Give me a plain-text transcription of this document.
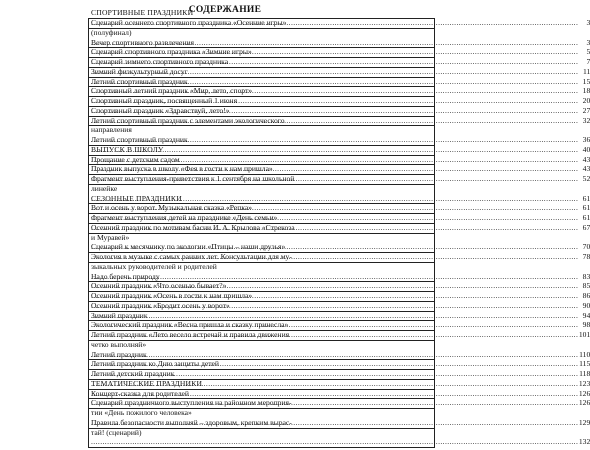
СОДЕРЖАНИЕ
СПОРТИВНЫЕ ПРАЗДНИКИ .....
3
Сценарий осеннего спортивного праздника «Осенние игры»
(полуфинал) .....
3
Вечер спортивного развлечения .....
5
Сценарий спортивного праздника «Зимние игры» .....
7
Сценарий зимнего спортивного праздника .....
11
Зимний физкультурный досуг .....
15
Летний спортивный праздник .....
18
Спортивный летний праздник «Мир, лето, спорт» .....
20
Спортивный праздник, посвященный 1 июня .....
27
Спортивный праздник «Здравствуй, лето!» .....
32
Летний спортивный праздник с элементами экологического
направления .....
36
Летний спортивный праздник .....
40
ВЫПУСК В ШКОЛУ .....
43
Прощание с детским садом .....
43
Праздник выпуска в школу «Фея в гости к нам пришла» .....
52
Фрагмент выступления-приветствия к 1 сентября на школьной
линейке .....
61
СЕЗОННЫЕ ПРАЗДНИКИ .....
61
Вот и осень у ворот. Музыкальная сказка «Репка» .....
61
Фрагмент выступления детей на празднике «День семьи» .....
67
Осенний праздник по мотивам басни И. А. Крылова «Стрекоза
и Муравей» .....
70
Сценарий к месячнику по экологии «Птицы – наши друзья» .....
78
Экология в музыке с самых ранних лет. Консультации для му-
зыкальных руководителей и родителей .....
83
Надо беречь природу .....
85
Осенний праздник «Что осенью бывает?» .....
86
Осенний праздник «Осень в гости к нам пришла» .....
90
Осенний праздник «Бродит осень у ворот» .....
94
Зимний праздник .....
98
Экологический праздник «Весна пришла и сказку принесла» .....
101
Летний праздник «Лето весело встречай и правила движения
четко выполняй» .....
110
Летний праздник .....
115
Летний праздник ко Дню защиты детей .....
118
Летний детский праздник .....
123
ТЕМАТИЧЕСКИЕ ПРАЗДНИКИ .....
126
Концерт-сказка для родителей .....
126
Сценарий праздничного выступления на районном мероприя-
тии «День пожилого человека» .....
129
Правила безопасности выполняй – здоровым, крепким выраc-
тай! (сценарий) .....
132
